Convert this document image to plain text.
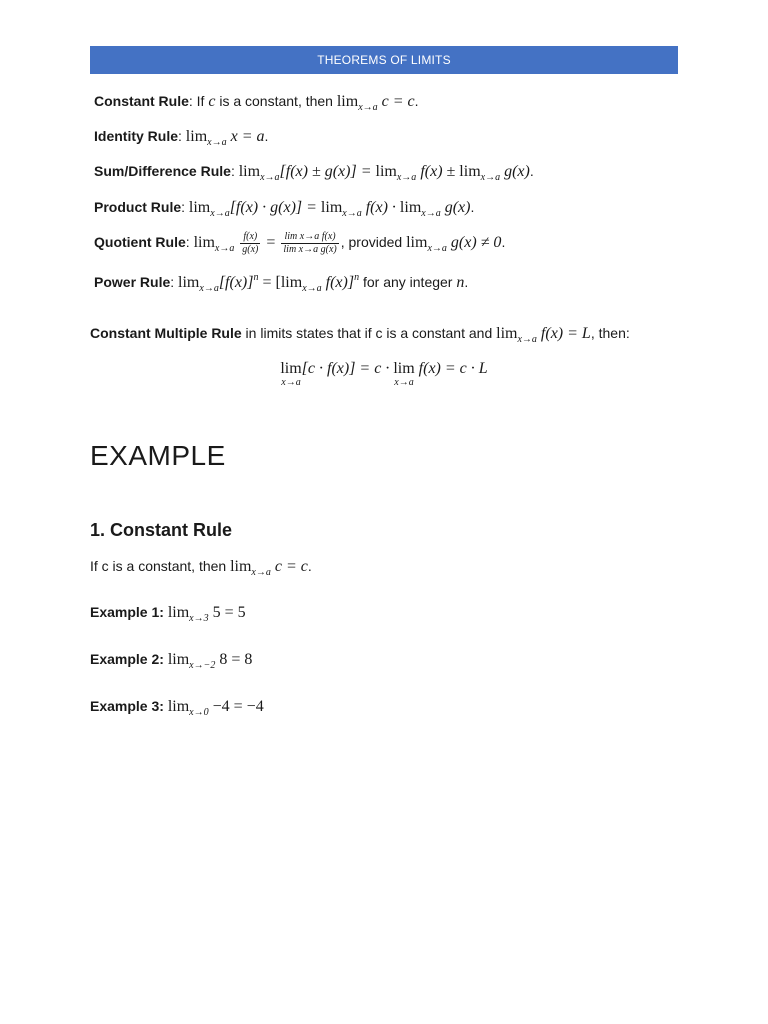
THEOREMS OF LIMITS
Constant Rule: If c is a constant, then $\lim_{x\to a} c = c$.
Identity Rule: $\lim_{x\to a} x = a$.
Sum/Difference Rule: $\lim_{x\to a}[f(x) \pm g(x)] = \lim_{x\to a} f(x) \pm \lim_{x\to a} g(x)$.
Product Rule: $\lim_{x\to a}[f(x) \cdot g(x)] = \lim_{x\to a} f(x) \cdot \lim_{x\to a} g(x)$.
Quotient Rule: $\lim_{x\to a} \frac{f(x)}{g(x)} = \frac{\text{lim x→a f(x)}}{\text{lim x→a g(x)}}$ , provided $\lim_{x\to a} g(x) \ne 0$.
Power Rule: $\lim_{x\to a}[f(x)]^n = [\lim_{x\to a}$ f(x)]$^n$ for any integer n.
Constant Multiple Rule in limits states that if c is a constant and $\lim_{x\to a} f(x) = L$, then:
lim
x→a
[c · f(x)] = c · lim
x→a
f(x) = c · L
EXAMPLE
1. Constant Rule
If c is a constant, then $\lim_{x\to a} c = c$.
Example 1: $\lim_{x\to 3} 5 = 5$
Example 2: $\lim_{x\to-2} 8 = 8$
Example 3: $\lim_{x\to 0} -4 = -4$
